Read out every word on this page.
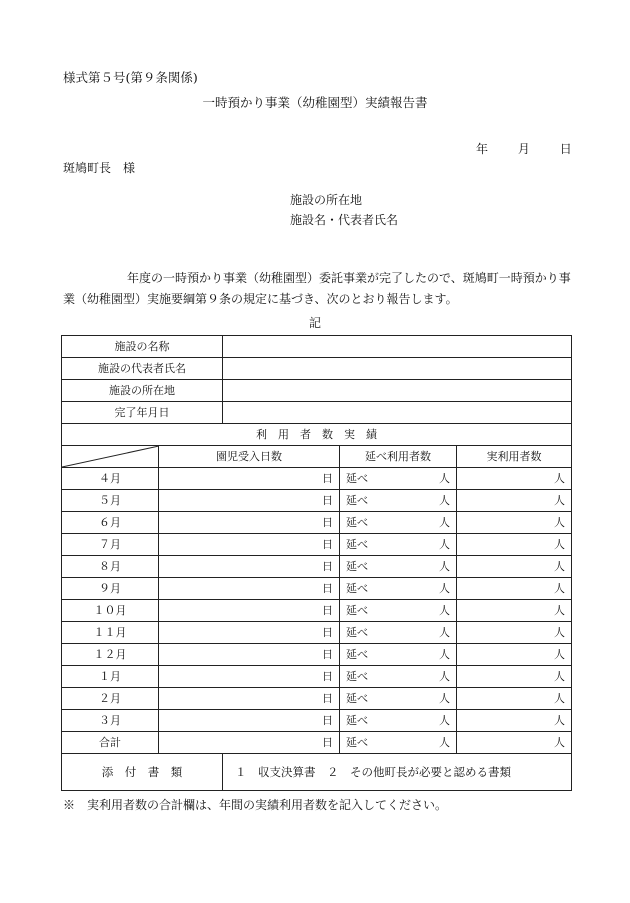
様式第５号(第９条関係)
一時預かり事業（幼稚園型）実績報告書
年 月 日
斑鳩町長　様
施設の所在地
施設名・代表者氏名
年度の一時預かり事業（幼稚園型）委託事業が完了したので、斑鳩町一時預かり事業（幼稚園型）実施要綱第９条の規定に基づき、次のとおり報告します。
記
施設の名称				
施設の代表者氏名				
施設の所在地				
完了年月日				
利　用　者　数　実　績				

	園児受入日数		延べ利用者数	実利用者数
４月	日		延べ 人	人
５月	日		延べ 人	人
６月	日		延べ 人	人
７月	日		延べ 人	人
８月	日		延べ 人	人
９月	日		延べ 人	人
１０月	日		延べ 人	人
１１月	日		延べ 人	人
１２月	日		延べ 人	人
１月	日		延べ 人	人
２月	日		延べ 人	人
３月	日		延べ 人	人
合計	日		延べ 人	人
添　付　書　類		１　収支決算書　２　その他町長が必要と認める書類		
※　実利用者数の合計欄は、年間の実績利用者数を記入してください。
